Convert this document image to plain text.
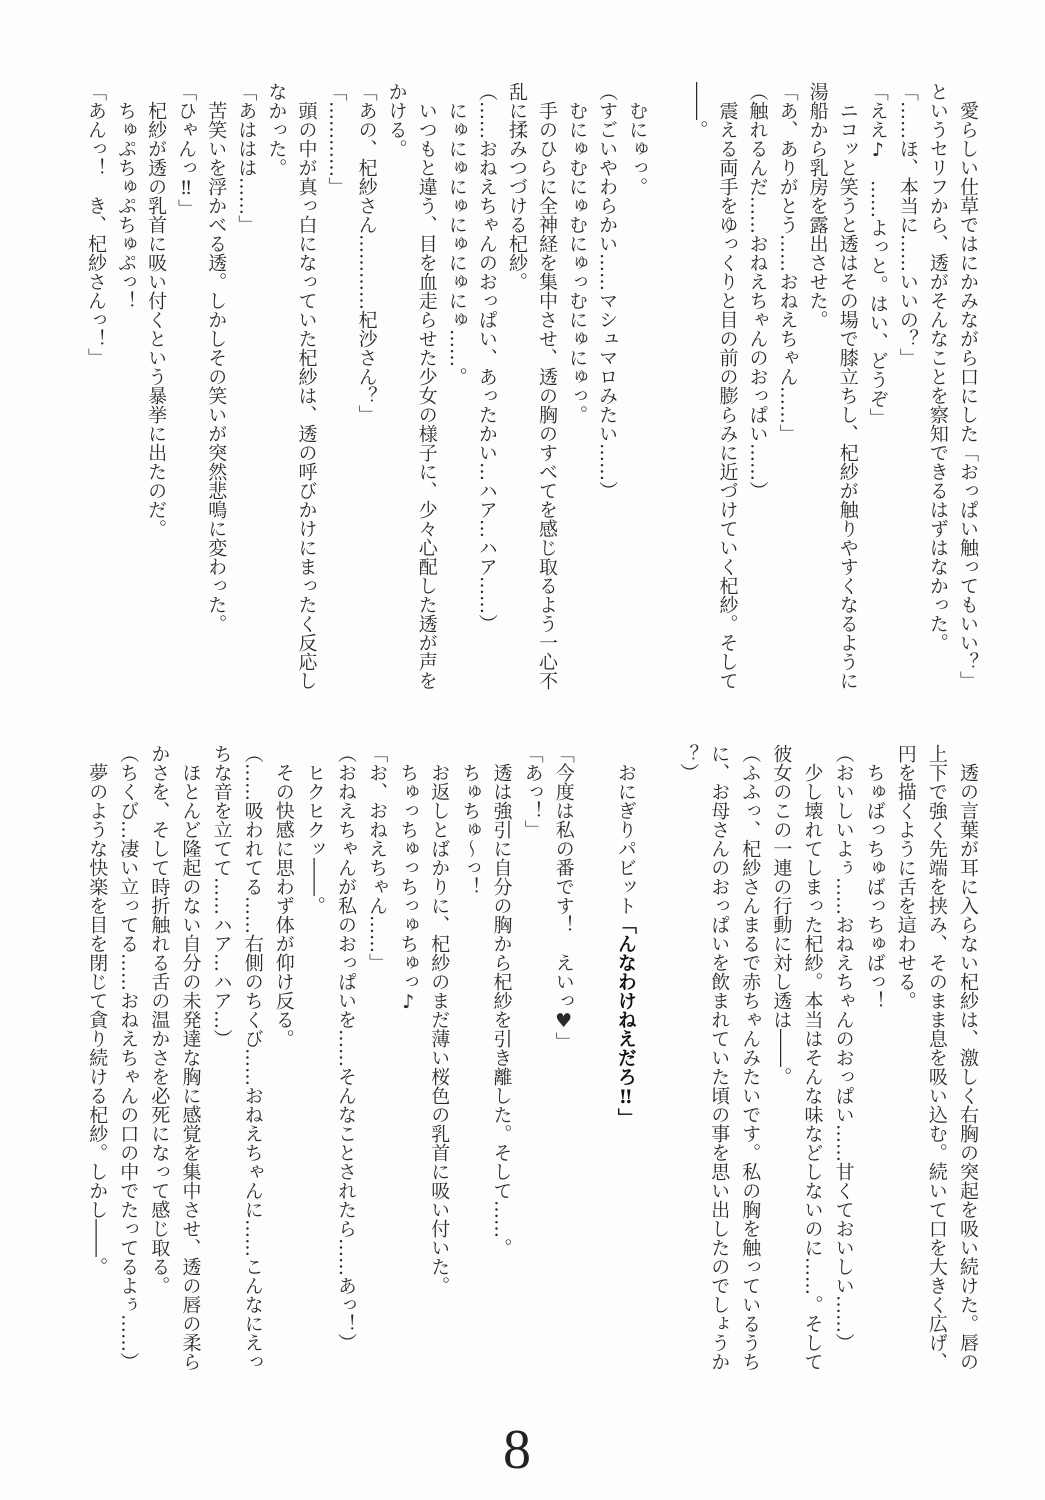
　愛らしい仕草ではにかみながら口にした「おっぱい触ってもいい？」
というセリフから、透がそんなことを察知できるはずはなかった。
「……ほ、本当に……いいの？」
「ええ♪　……よっと。はい、どうぞ」
　ニコッと笑うと透はその場で膝立ちし、杞紗が触りやすくなるように
湯船から乳房を露出させた。
「あ、ありがとう……おねえちゃん……」
（触れるんだ……おねえちゃんのおっぱい……）
　震える両手をゆっくりと目の前の膨らみに近づけていく杞紗。そして
――。
　むにゅっ。
（すごいやわらかい……マシュマロみたい……）
　むにゅむにゅむにゅっむにゅにゅっ。
　手のひらに全神経を集中させ、透の胸のすべてを感じ取るよう一心不
乱に揉みつづける杞紗。
（……おねえちゃんのおっぱい、あったかい…ハア…ハア……）
　にゅにゅにゅにゅにゅにゅ……。
　いつもと違う、目を血走らせた少女の様子に、少々心配した透が声を
かける。
「あの、杞紗さん…………杞沙さん？」
「…………」
　頭の中が真っ白になっていた杞紗は、透の呼びかけにまったく反応し
なかった。
「あははは……」
　苦笑いを浮かべる透。しかしその笑いが突然悲鳴に変わった。
「ひゃんっ‼」
　杞紗が透の乳首に吸い付くという暴挙に出たのだ。
　ちゅぷちゅぷちゅぷっ！
「あんっ！　き、杞紗さんっ！」
　透の言葉が耳に入らない杞紗は、激しく右胸の突起を吸い続けた。唇の
上下で強く先端を挟み、そのまま息を吸い込む。続いて口を大きく広げ、
円を描くように舌を這わせる。
　ちゅばっちゅばっちゅばっ！
（おいしいよぅ……おねえちゃんのおっぱい……甘くておいしい……）
　少し壊れてしまった杞紗。本当はそんな味などしないのに……。そして
彼女のこの一連の行動に対し透は――。
（ふふっ、杞紗さんまるで赤ちゃんみたいです。私の胸を触っているうち
に、お母さんのおっぱいを飲まれていた頃の事を思い出したのでしょうか
？）
　おにぎりパビット「んなわけねえだろ‼」
「今度は私の番です！　えいっ♥」
「あっ！」
　透は強引に自分の胸から杞紗を引き離した。そして……。
　ちゅちゅ～っ！
　お返しとばかりに、杞紗のまだ薄い桜色の乳首に吸い付いた。
　ちゅっちゅっちっゅちゅっ♪
「お、おねえちゃん……」
（おねえちゃんが私のおっぱいを……そんなことされたら……あっ！）
　ヒクヒクッ――。
　その快感に思わず体が仰け反る。
（……吸われてる……右側のちくび……おねえちゃんに……こんなにえっ
ちな音を立てて……ハア…ハア…）
　ほとんど隆起のない自分の未発達な胸に感覚を集中させ、透の唇の柔ら
かさを、そして時折触れる舌の温かさを必死になって感じ取る。
（ちくび…凄い立ってる……おねえちゃんの口の中でたってるよぅ……）
　夢のような快楽を目を閉じて貪り続ける杞紗。しかし――。
8
